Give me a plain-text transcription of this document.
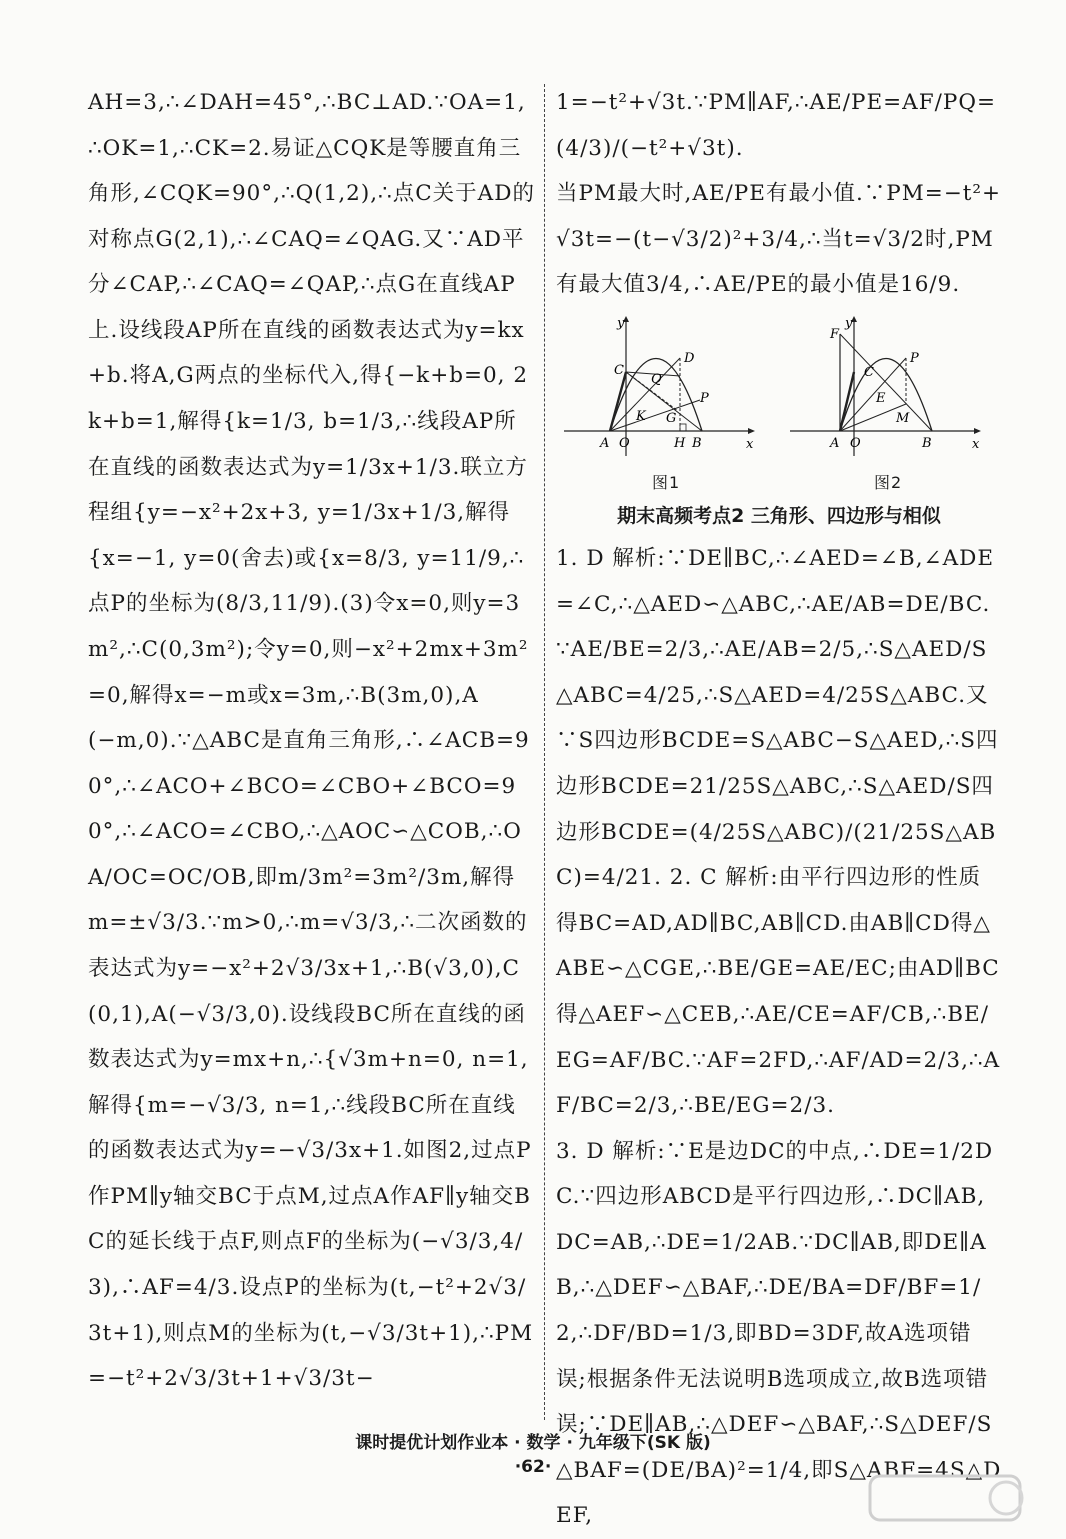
AH=3,∴∠DAH=45°,∴BC⊥AD.∵OA=1,∴OK=1,∴CK=2.易证△CQK是等腰直角三角形,∠CQK=90°,∴Q(1,2),∴点C关于AD的对称点G(2,1),∴∠CAQ=∠QAG.又∵AD平分∠CAP,∴∠CAQ=∠QAP,∴点G在直线AP上.设线段AP所在直线的函数表达式为y=kx+b.将A,G两点的坐标代入,得{−k+b=0, 2k+b=1,解得{k=1/3, b=1/3,∴线段AP所在直线的函数表达式为y=1/3x+1/3.联立方程组{y=−x²+2x+3, y=1/3x+1/3,解得{x=−1, y=0(舍去)或{x=8/3, y=11/9,∴点P的坐标为(8/3,11/9).(3)令x=0,则y=3m²,∴C(0,3m²);令y=0,则−x²+2mx+3m²=0,解得x=−m或x=3m,∴B(3m,0),A(−m,0).∵△ABC是直角三角形,∴∠ACB=90°,∴∠ACO+∠BCO=∠CBO+∠BCO=90°,∴∠ACO=∠CBO,∴△AOC∽△COB,∴OA/OC=OC/OB,即m/3m²=3m²/3m,解得m=±√3/3.∵m>0,∴m=√3/3,∴二次函数的表达式为y=−x²+2√3/3x+1,∴B(√3,0),C(0,1),A(−√3/3,0).设线段BC所在直线的函数表达式为y=mx+n,∴{√3m+n=0, n=1,解得{m=−√3/3, n=1,∴线段BC所在直线的函数表达式为y=−√3/3x+1.如图2,过点P作PM∥y轴交BC于点M,过点A作AF∥y轴交BC的延长线于点F,则点F的坐标为(−√3/3,4/3),∴AF=4/3.设点P的坐标为(t,−t²+2√3/3t+1),则点M的坐标为(t,−√3/3t+1),∴PM=−t²+2√3/3t+1+√3/3t−

1=−t²+√3t.∵PM∥AF,∴AE/PE=AF/PQ=(4/3)/(−t²+√3t).

当PM最大时,AE/PE有最小值.∵PM=−t²+√3t=−(t−√3/2)²+3/4,∴当t=√3/2时,PM有最大值3/4,∴AE/PE的最小值是16/9.

y
x
A O
C
D
Q
K G
H B
P
F
y
x
A O
C
P
E
M
B
图1	图2
期末高频考点2 三角形、四边形与相似

1. D 解析:∵DE∥BC,∴∠AED=∠B,∠ADE=∠C,∴△AED∽△ABC,∴AE/AB=DE/BC.∵AE/BE=2/3,∴AE/AB=2/5,∴S△AED/S△ABC=4/25,∴S△AED=4/25S△ABC.又∵S四边形BCDE=S△ABC−S△AED,∴S四边形BCDE=21/25S△ABC,∴S△AED/S四边形BCDE=(4/25S△ABC)/(21/25S△ABC)=4/21. 2. C 解析:由平行四边形的性质得BC=AD,AD∥BC,AB∥CD.由AB∥CD得△ABE∽△CGE,∴BE/GE=AE/EC;由AD∥BC得△AEF∽△CEB,∴AE/CE=AF/CB,∴BE/EG=AF/BC.∵AF=2FD,∴AF/AD=2/3,∴AF/BC=2/3,∴BE/EG=2/3.

3. D 解析:∵E是边DC的中点,∴DE=1/2DC.∵四边形ABCD是平行四边形,∴DC∥AB,DC=AB,∴DE=1/2AB.∵DC∥AB,即DE∥AB,∴△DEF∽△BAF,∴DE/BA=DF/BF=1/2,∴DF/BD=1/3,即BD=3DF,故A选项错误;根据条件无法说明B选项成立,故B选项错误;∵DE∥AB,∴△DEF∽△BAF,∴S△DEF/S△BAF=(DE/BA)²=1/4,即S△ABF=4S△DEF,

课时提优计划作业本 · 数学 · 九年级下(SK 版)
·62·
